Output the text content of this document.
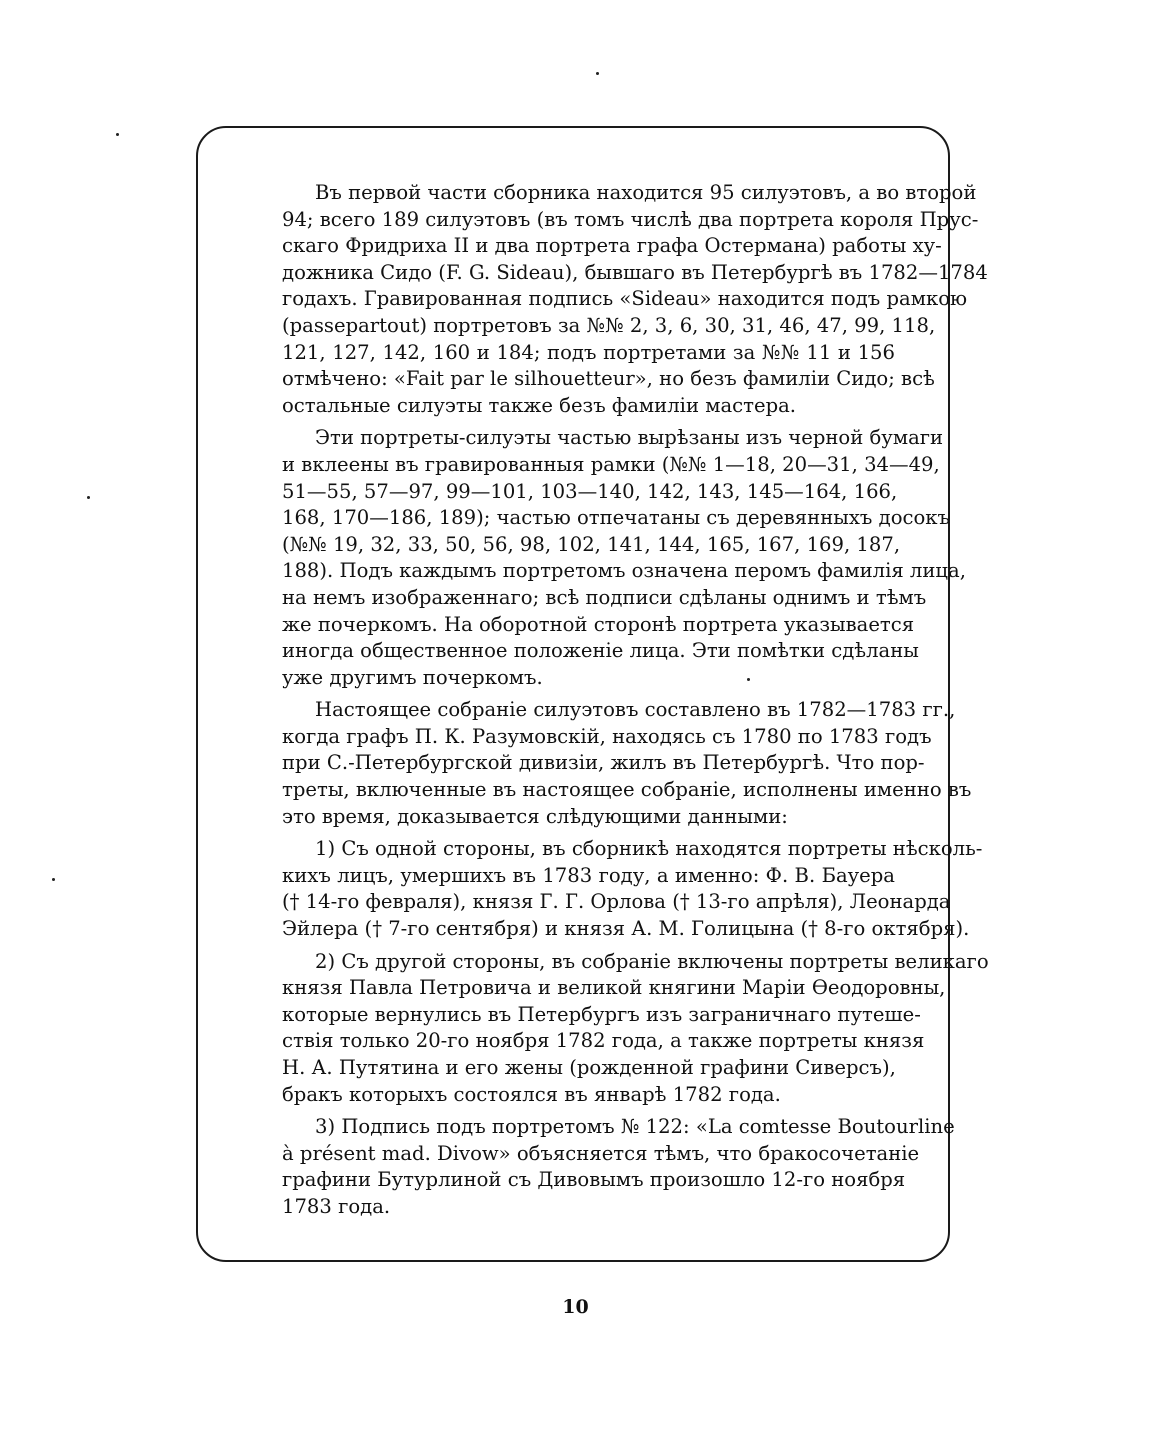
Въ первой части сборника находится 95 силуэтовъ, а во второй
94; всего 189 силуэтовъ (въ томъ числѣ два портрета короля Прус-
скаго Фридриха II и два портрета графа Остермана) работы ху-
дожника Сидо (F. G. Sideau), бывшаго въ Петербургѣ въ 1782—1784
годахъ. Гравированная подпись «Sideau» находится подъ рамкою
(passepartout) портретовъ за №№ 2, 3, 6, 30, 31, 46, 47, 99, 118,
121, 127, 142, 160 и 184; подъ портретами за №№ 11 и 156
отмѣчено: «Fait par le silhouetteur», но безъ фамиліи Сидо; всѣ
остальные силуэты также безъ фамиліи мастера.

Эти портреты-силуэты частью вырѣзаны изъ черной бумаги
и вклеены въ гравированныя рамки (№№ 1—18, 20—31, 34—49,
51—55, 57—97, 99—101, 103—140, 142, 143, 145—164, 166,
168, 170—186, 189); частью отпечатаны съ деревянныхъ досокъ
(№№ 19, 32, 33, 50, 56, 98, 102, 141, 144, 165, 167, 169, 187,
188). Подъ каждымъ портретомъ означена перомъ фамилія лица,
на немъ изображеннаго; всѣ подписи сдѣланы однимъ и тѣмъ
же почеркомъ. На оборотной сторонѣ портрета указывается
иногда общественное положеніе лица. Эти помѣтки сдѣланы
уже другимъ почеркомъ.

Настоящее собраніе силуэтовъ составлено въ 1782—1783 гг.,
когда графъ П. К. Разумовскій, находясь съ 1780 по 1783 годъ
при С.-Петербургской дивизіи, жилъ въ Петербургѣ. Что пор-
треты, включенные въ настоящее собраніе, исполнены именно въ
это время, доказывается слѣдующими данными:

1) Съ одной стороны, въ сборникѣ находятся портреты нѣсколь-
кихъ лицъ, умершихъ въ 1783 году, а именно: Ф. В. Бауера
(† 14-го февраля), князя Г. Г. Орлова († 13-го апрѣля), Леонарда
Эйлера († 7-го сентября) и князя А. М. Голицына († 8-го октября).

2) Съ другой стороны, въ собраніе включены портреты великаго
князя Павла Петровича и великой княгини Маріи Ѳеодоровны,
которые вернулись въ Петербургъ изъ заграничнаго путеше-
ствія только 20-го ноября 1782 года, а также портреты князя
Н. А. Путятина и его жены (рожденной графини Сиверсъ),
бракъ которыхъ состоялся въ январѣ 1782 года.

3) Подпись подъ портретомъ № 122: «La comtesse Boutourline
à présent mad. Divow» объясняется тѣмъ, что бракосочетаніе
графини Бутурлиной съ Дивовымъ произошло 12-го ноября
1783 года.

10
